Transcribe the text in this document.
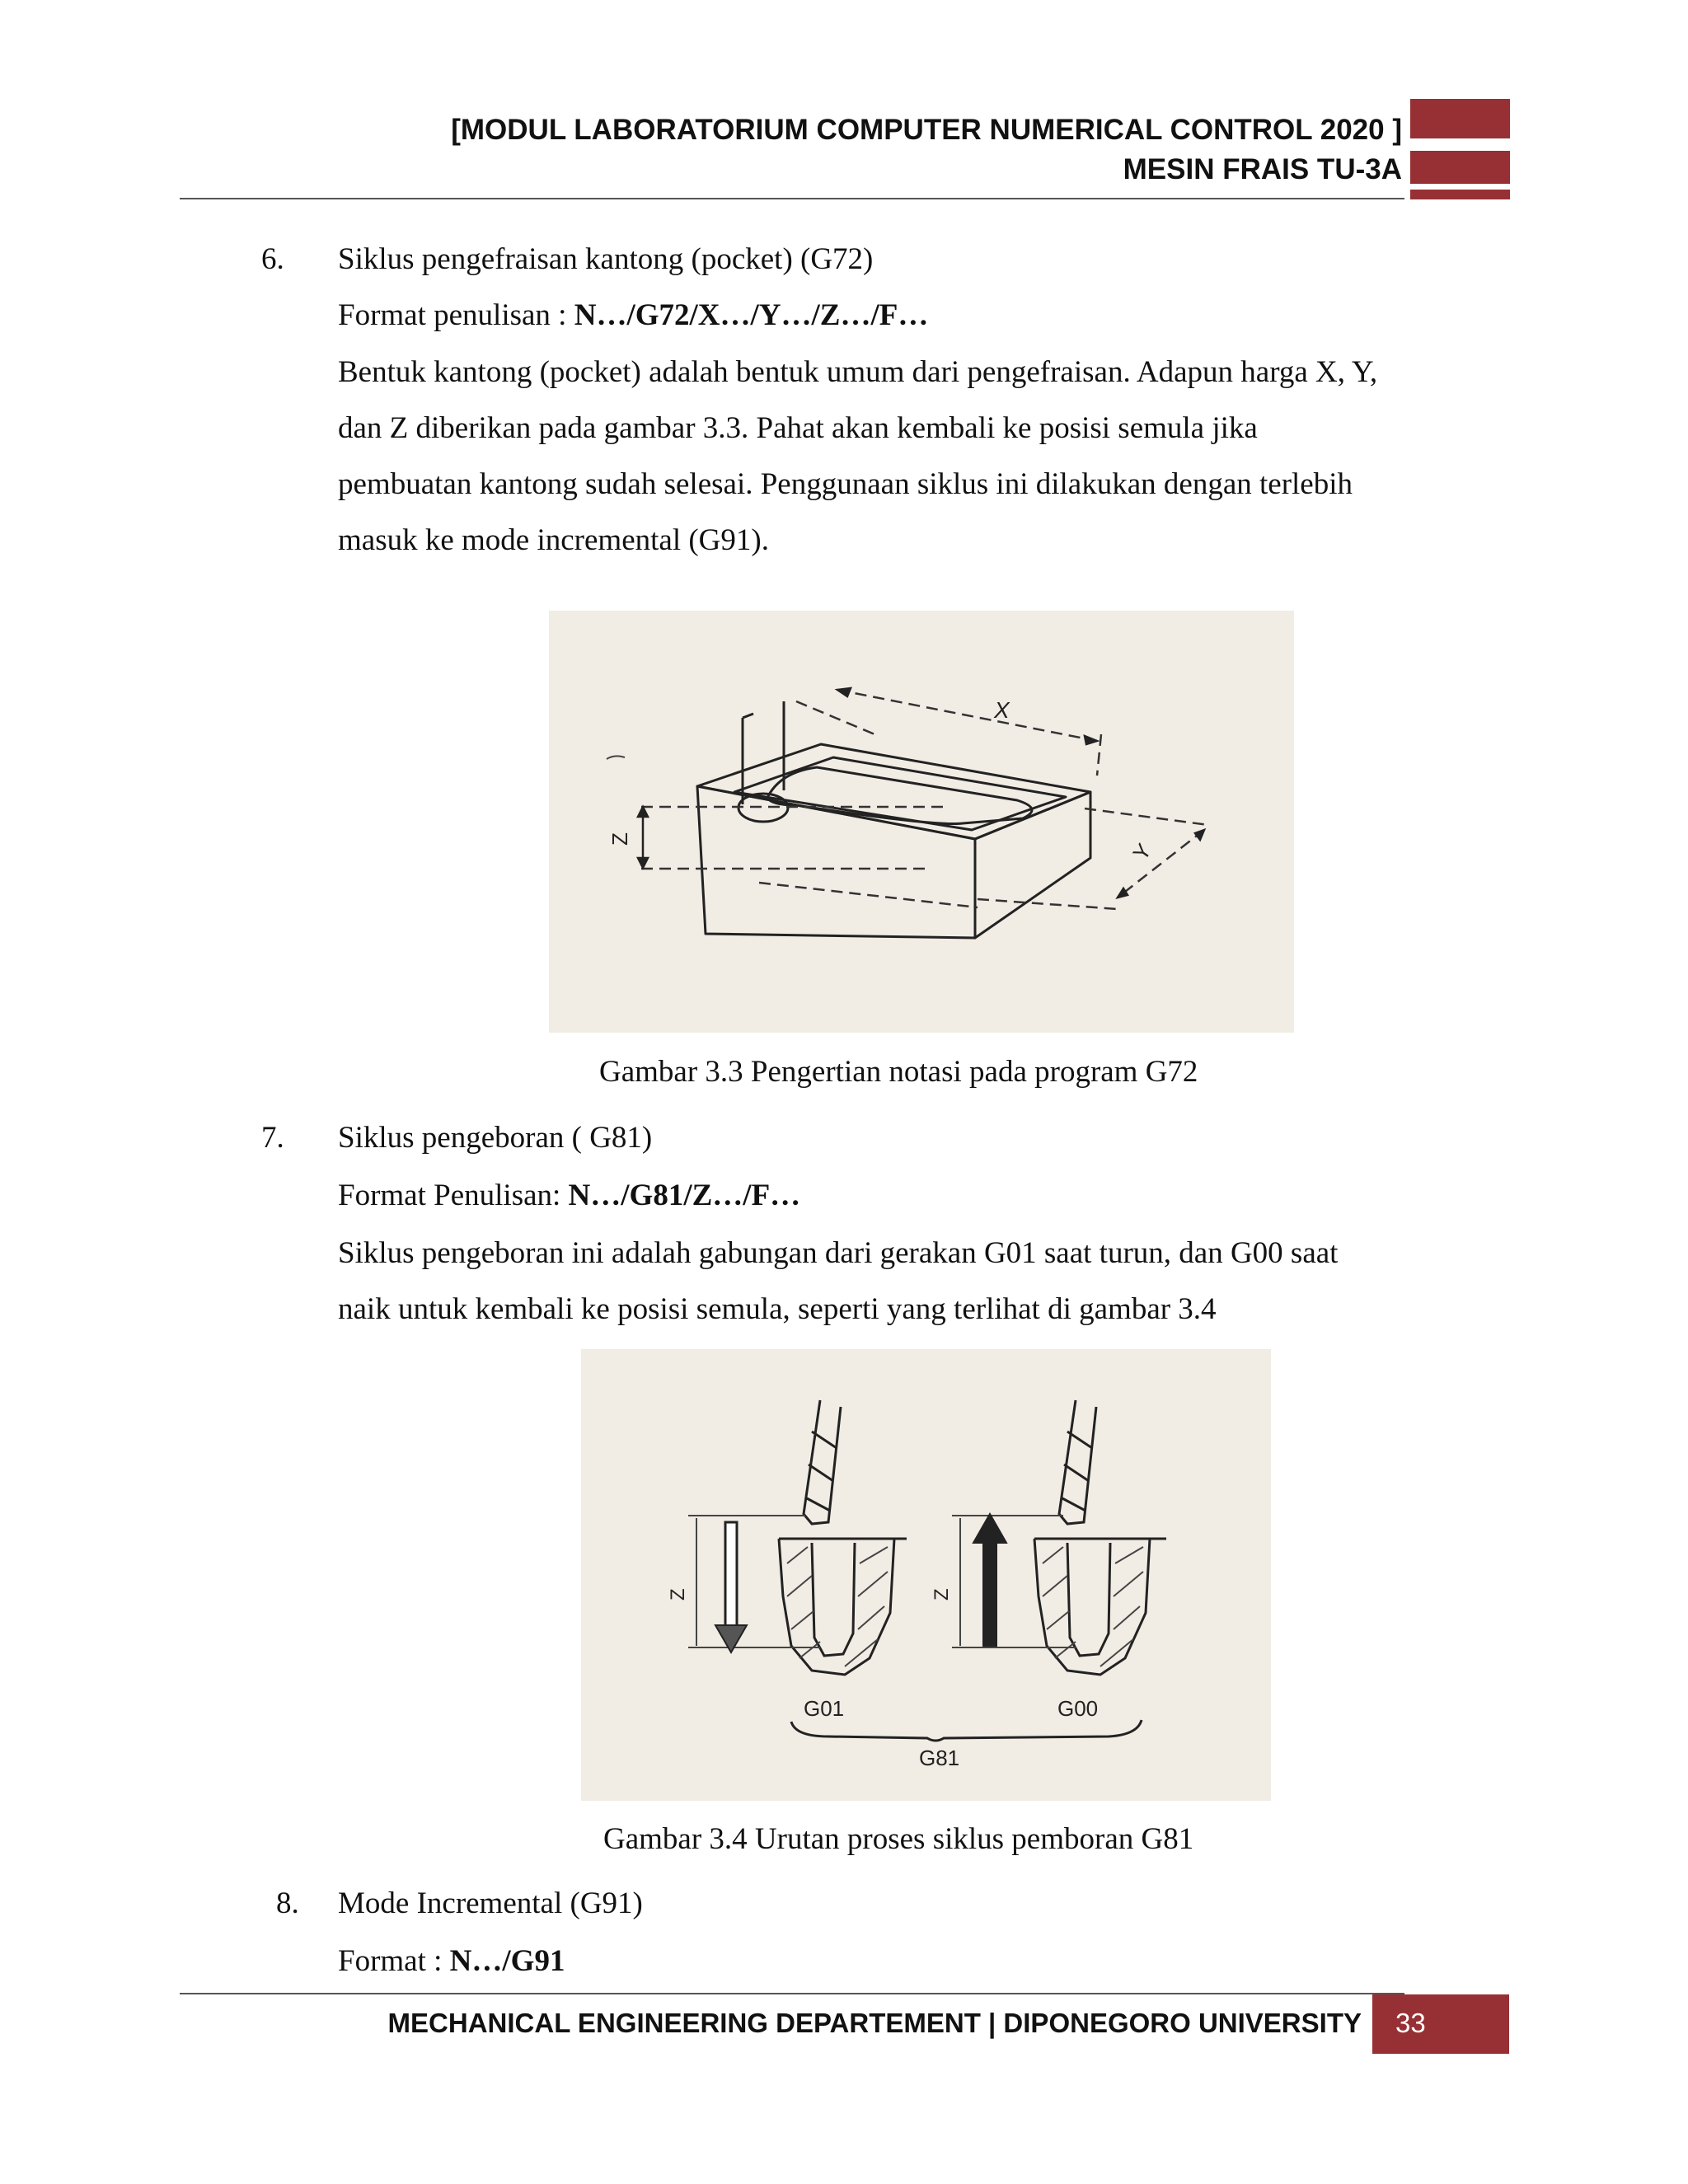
[MODUL LABORATORIUM COMPUTER NUMERICAL CONTROL 2020 ]
MESIN FRAIS TU-3A
6. Siklus pengefraisan kantong (pocket) (G72)
Format penulisan : N…/G72/X…/Y…/Z…/F…
Bentuk kantong (pocket) adalah bentuk umum dari pengefraisan. Adapun harga X, Y,
dan Z diberikan pada gambar 3.3. Pahat akan kembali ke posisi semula jika
pembuatan kantong sudah selesai. Penggunaan siklus ini dilakukan dengan terlebih
masuk ke mode incremental (G91).
Z
X
Y
Gambar 3.3 Pengertian notasi pada program G72
7. Siklus pengeboran ( G81)
Format Penulisan: N…/G81/Z…/F…
Siklus pengeboran ini adalah gabungan dari gerakan G01 saat turun, dan G00 saat
naik untuk kembali ke posisi semula, seperti yang terlihat di gambar 3.4
Z	Z
G01	G00
G81
Gambar 3.4 Urutan proses siklus pemboran G81
8. Mode Incremental (G91)
Format : N…/G91
MECHANICAL ENGINEERING DEPARTEMENT | DIPONEGORO UNIVERSITY 33
